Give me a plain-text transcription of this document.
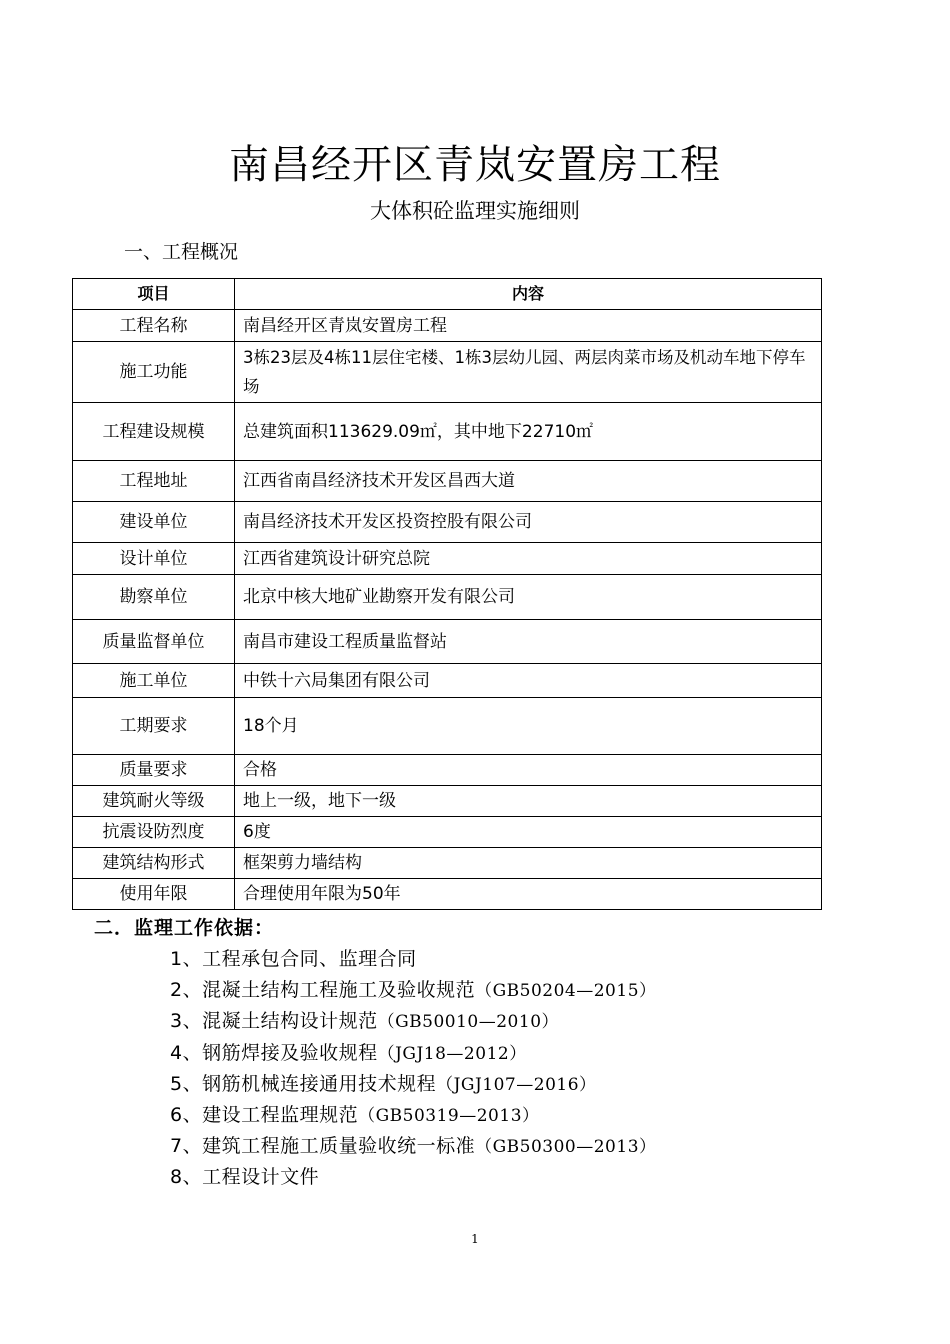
南昌经开区青岚安置房工程
大体积砼监理实施细则
一、工程概况
项目	内容
工程名称	南昌经开区青岚安置房工程
施工功能	3栋23层及4栋11层住宅楼、1栋3层幼儿园、两层肉菜市场及机动车地下停车场
工程建设规模	总建筑面积113629.09㎡，其中地下22710㎡
工程地址	江西省南昌经济技术开发区昌西大道
建设单位	南昌经济技术开发区投资控股有限公司
设计单位	江西省建筑设计研究总院
勘察单位	北京中核大地矿业勘察开发有限公司
质量监督单位	南昌市建设工程质量监督站
施工单位	中铁十六局集团有限公司
工期要求	18个月
质量要求	合格
建筑耐火等级	地上一级，地下一级
抗震设防烈度	6度
建筑结构形式	框架剪力墙结构
使用年限	合理使用年限为50年
二．监理工作依据：
1、工程承包合同、监理合同
2、混凝土结构工程施工及验收规范（GB50204—2015）
3、混凝土结构设计规范（GB50010—2010）
4、钢筋焊接及验收规程（JGJ18—2012）
5、钢筋机械连接通用技术规程（JGJ107—2016）
6、建设工程监理规范（GB50319—2013）
7、建筑工程施工质量验收统一标准（GB50300—2013）
8、工程设计文件
1
